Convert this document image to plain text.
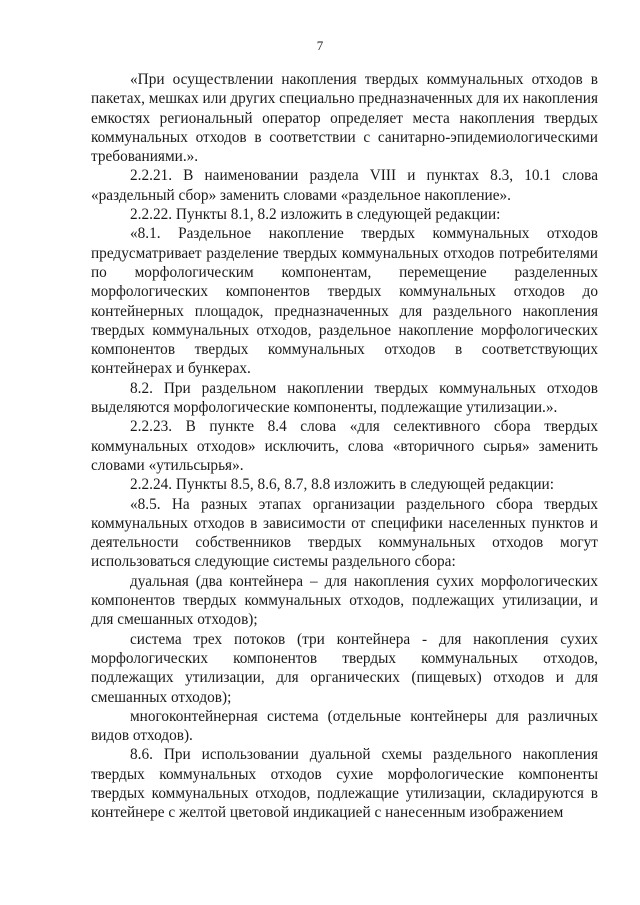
7

«При осуществлении накопления твердых коммунальных отходов в пакетах, мешках или других специально предназначенных для их накопления емкостях региональный оператор определяет места накопления твердых коммунальных отходов в соответствии с санитарно-эпидемиологическими требованиями.».

2.2.21. В наименовании раздела VIII и пунктах 8.3, 10.1 слова «раздельный сбор» заменить словами «раздельное накопление».

2.2.22. Пункты 8.1, 8.2 изложить в следующей редакции:

«8.1. Раздельное накопление твердых коммунальных отходов предусматривает разделение твердых коммунальных отходов потребителями по морфологическим компонентам, перемещение разделенных морфологических компонентов твердых коммунальных отходов до контейнерных площадок, предназначенных для раздельного накопления твердых коммунальных отходов, раздельное накопление морфологических компонентов твердых коммунальных отходов в соответствующих контейнерах и бункерах.

8.2. При раздельном накоплении твердых коммунальных отходов выделяются морфологические компоненты, подлежащие утилизации.».

2.2.23. В пункте 8.4 слова «для селективного сбора твердых коммунальных отходов» исключить, слова «вторичного сырья» заменить словами «утильсырья».

2.2.24. Пункты 8.5, 8.6, 8.7, 8.8 изложить в следующей редакции:

«8.5. На разных этапах организации раздельного сбора твердых коммунальных отходов в зависимости от специфики населенных пунктов и деятельности собственников твердых коммунальных отходов могут использоваться следующие системы раздельного сбора:

дуальная (два контейнера – для накопления сухих морфологических компонентов твердых коммунальных отходов, подлежащих утилизации, и для смешанных отходов);

система трех потоков (три контейнера - для накопления сухих морфологических компонентов твердых коммунальных отходов, подлежащих утилизации, для органических (пищевых) отходов и для смешанных отходов);

многоконтейнерная система (отдельные контейнеры для различных видов отходов).

8.6. При использовании дуальной схемы раздельного накопления твердых коммунальных отходов сухие морфологические компоненты твердых коммунальных отходов, подлежащие утилизации, складируются в контейнере с желтой цветовой индикацией с нанесенным изображением
